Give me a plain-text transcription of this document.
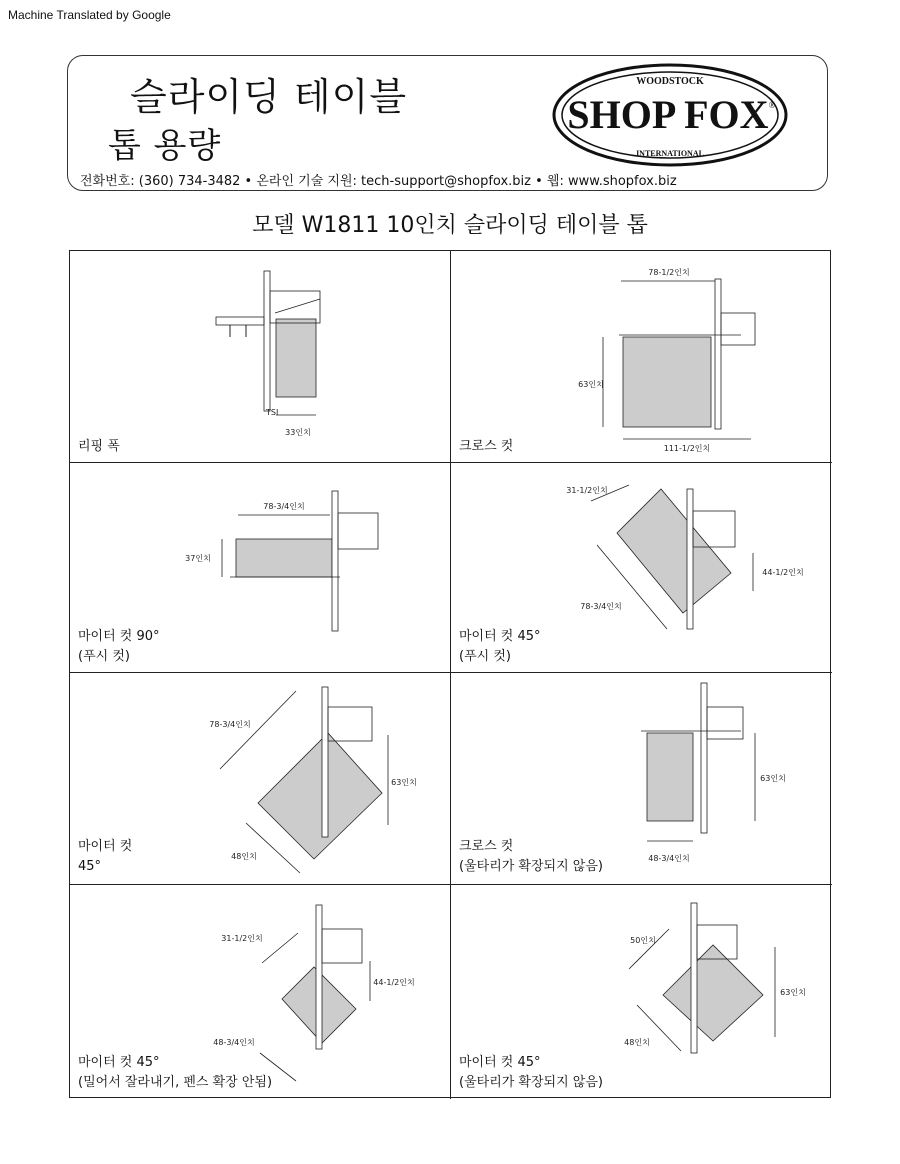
Machine Translated by Google
슬라이딩 테이블
톱 용량
전화번호: (360) 734-3482 • 온라인 기술 지원: tech-support@shopfox.biz • 웹: www.shopfox.biz
WOODSTOCK
SHOP FOX ®
INTERNATIONAL
모델 W1811 10인치 슬라이딩 테이블 톱
TSI
33인치
리핑 폭
78-1/2인치
63인치
111-1/2인치
크로스 컷
78-3/4인치
37인치
마이터 컷 90°
(푸시 컷)
31-1/2인치
44-1/2인치
78-3/4인치
마이터 컷 45°
(푸시 컷)
78-3/4인치
63인치
48인치
마이터 컷
45°
63인치
48-3/4인치
크로스 컷
(울타리가 확장되지 않음)
31-1/2인치
44-1/2인치
48-3/4인치
마이터 컷 45°
(밀어서 잘라내기, 펜스 확장 안됨)
50인치
63인치
48인치
마이터 컷 45°
(울타리가 확장되지 않음)
